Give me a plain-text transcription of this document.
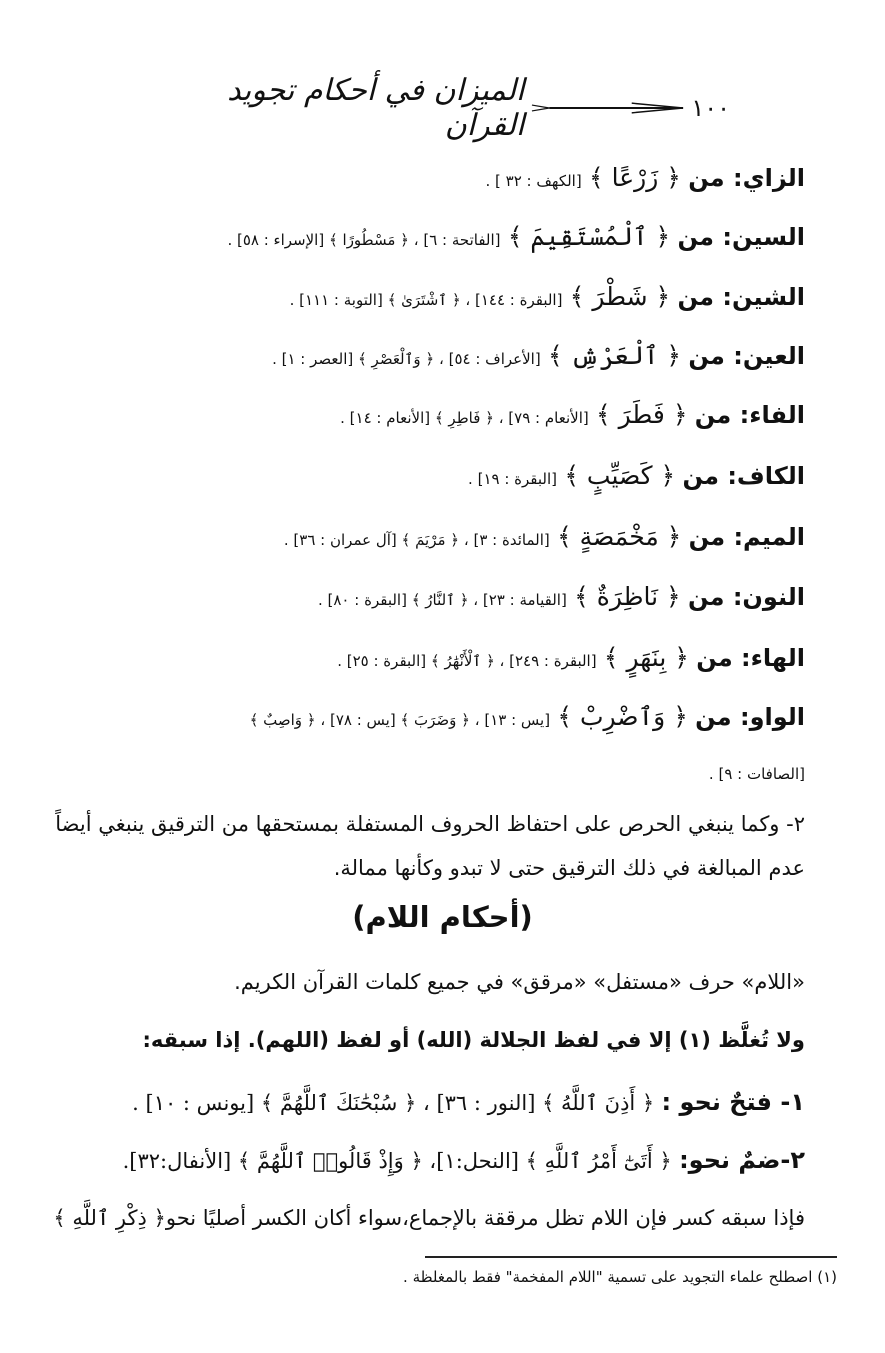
١٠٠
الميزان في أحكام تجويد القرآن
الزاي: من ﴿ زَرْعًا ﴾ [الكهف : ٣٢ ] .
السين: من ﴿ ٱلْمُسْتَقِيمَ ﴾ [الفاتحة : ٦] ، ﴿ مَسْطُورًا ﴾ [الإسراء : ٥٨] .
الشين: من ﴿ شَطْرَ ﴾ [البقرة : ١٤٤] ، ﴿ ٱشْتَرَىٰ ﴾ [التوبة : ١١١] .
العين: من ﴿ ٱلْعَرْشِ ﴾ [الأعراف : ٥٤] ، ﴿ وَٱلْعَصْرِ ﴾ [العصر : ١] .
الفاء: من ﴿ فَطَرَ ﴾ [الأنعام : ٧٩] ، ﴿ فَاطِرِ ﴾ [الأنعام : ١٤] .
الكاف: من ﴿ كَصَيِّبٍ ﴾ [البقرة : ١٩] .
الميم: من ﴿ مَخْمَصَةٍ ﴾ [المائدة : ٣] ، ﴿ مَرْيَمَ ﴾ [آل عمران : ٣٦] .
النون: من ﴿ نَاظِرَةٌ ﴾ [القيامة : ٢٣] ، ﴿ ٱلنَّارُ ﴾ [البقرة : ٨٠] .
الهاء: من ﴿ بِنَهَرٍ ﴾ [البقرة : ٢٤٩] ، ﴿ ٱلْأَنْهَٰرُ ﴾ [البقرة : ٢٥] .
الواو: من ﴿ وَٱضْرِبْ ﴾ [يس : ١٣] ، ﴿ وَضَرَبَ ﴾ [يس : ٧٨] ، ﴿ وَاصِبٌ ﴾
[الصافات : ٩] .
٢- وكما ينبغي الحرص على احتفاظ الحروف المستفلة بمستحقها من الترقيق ينبغي أيضاً
عدم المبالغة في ذلك الترقيق حتى لا تبدو وكأنها ممالة.
(أحكام اللام)
«اللام» حرف «مستفل» «مرقق» في جميع كلمات القرآن الكريم.
ولا تُغلَّظ (١) إلا في لفظ الجلالة (الله) أو لفظ (اللهم). إذا سبقه:
١- فتحٌ نحو : ﴿ أَذِنَ ٱللَّهُ ﴾ [النور : ٣٦] ، ﴿ سُبْحَٰنَكَ ٱللَّهُمَّ ﴾ [يونس : ١٠] .
٢-ضمٌ نحو: ﴿ أَتَىٰٓ أَمْرُ ٱللَّهِ ﴾ [النحل:١]، ﴿ وَإِذْ قَالُوا۟ ٱللَّهُمَّ ﴾ [الأنفال:٣٢].
فإذا سبقه كسر فإن اللام تظل مرققة بالإجماع،سواء أكان الكسر أصليًا نحو﴿ ذِكْرِ ٱللَّهِ ﴾
(١) اصطلح علماء التجويد على تسمية "اللام المفخمة" فقط بالمغلظة .
